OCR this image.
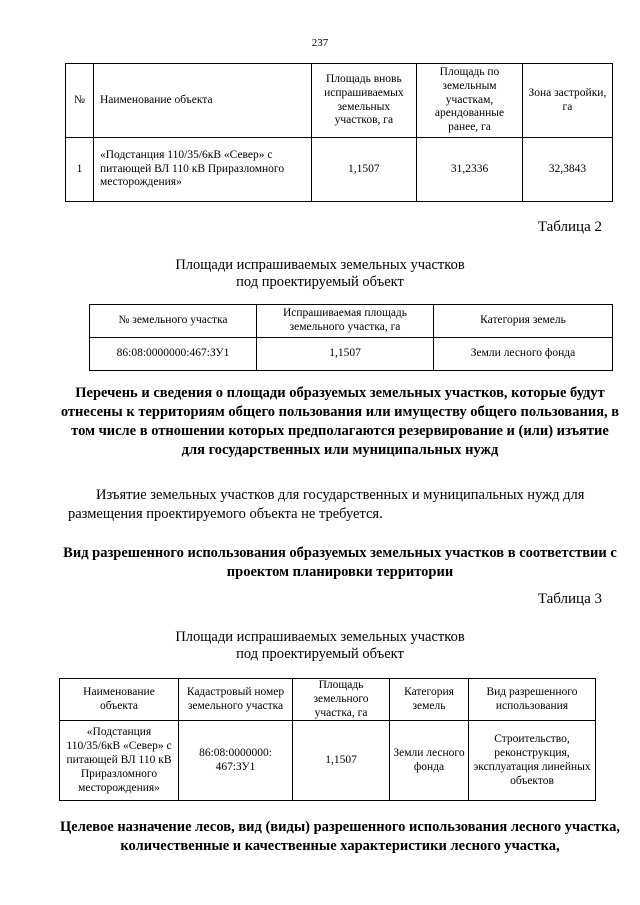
237
№	Наименование объекта	Площадь вновь испрашиваемых земельных участков, га	Площадь по земельным участкам, арендованные ранее, га	Зона застройки, га
1	«Подстанция 110/35/6кВ «Север» с питающей ВЛ 110 кВ Приразломного месторождения»	1,1507	31,2336	32,3843
Таблица 2
Площади испрашиваемых земельных участков
под проектируемый объект
№ земельного участка	Испрашиваемая площадь земельного участка, га	Категория земель
86:08:0000000:467:ЗУ1	1,1507	Земли лесного фонда
Перечень и сведения о площади образуемых земельных участков, которые будут отнесены к территориям общего пользования или имуществу общего пользования, в том числе в отношении которых предполагаются резервирование и (или) изъятие для государственных или муниципальных нужд
Изъятие земельных участков для государственных и муниципальных нужд для размещения проектируемого объекта не требуется.
Вид разрешенного использования образуемых земельных участков в соответствии с проектом планировки территории
Таблица 3
Площади испрашиваемых земельных участков
под проектируемый объект
Наименование объекта	Кадастровый номер земельного участка	Площадь земельного участка, га	Категория земель	Вид разрешенного использования
«Подстанция 110/35/6кВ «Север» с питающей ВЛ 110 кВ Приразломного месторождения»	86:08:0000000: 467:ЗУ1	1,1507	Земли лесного фонда	Строительство, реконструкция, эксплуатация линейных объектов
Целевое назначение лесов, вид (виды) разрешенного использования лесного участка, количественные и качественные характеристики лесного участка,
